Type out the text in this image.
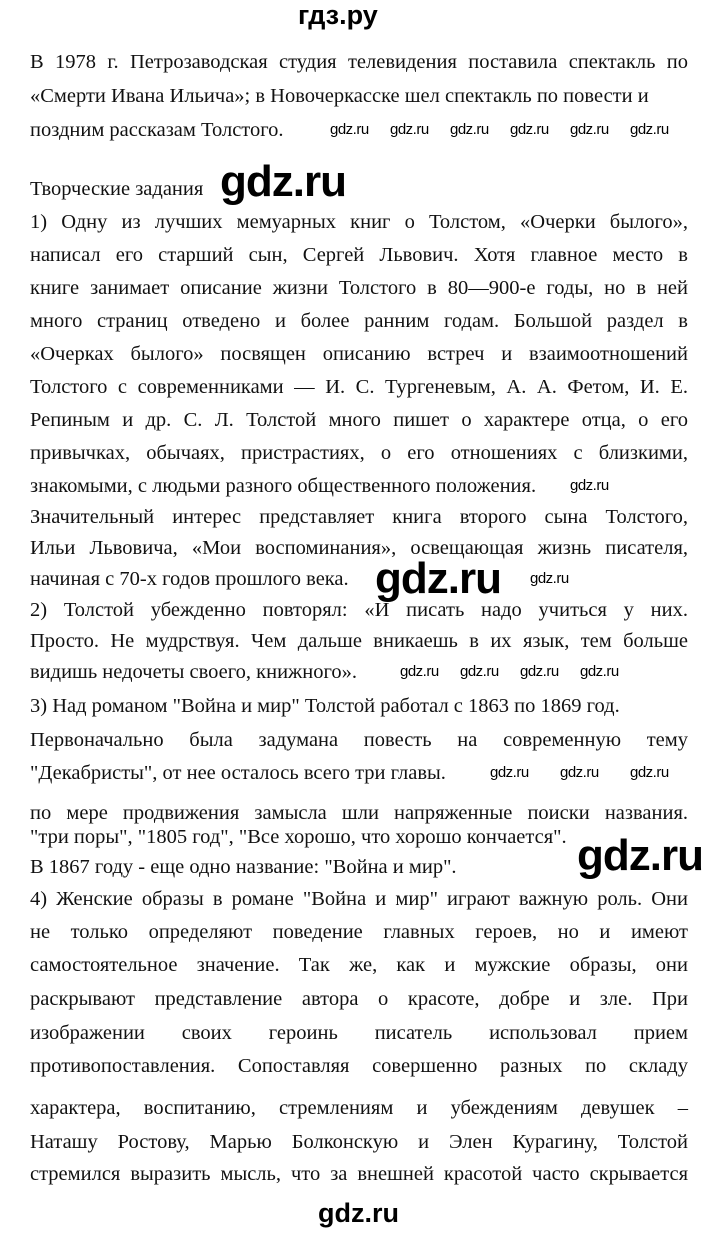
гдз.ру
В 1978 г. Петрозаводская студия телевидения поставила спектакль по
«Смерти Ивана Ильича»; в Новочеркасске шел спектакль по повести и
поздним рассказам Толстого.
Творческие задания
1) Одну из лучших мемуарных книг о Толстом, «Очерки былого»,
написал его старший сын, Сергей Львович. Хотя главное место в
книге занимает описание жизни Толстого в 80—900-е годы, но в ней
много страниц отведено и более ранним годам. Большой раздел в
«Очерках былого» посвящен описанию встреч и взаимоотношений
Толстого с современниками — И. С. Тургеневым, А. А. Фетом, И. Е.
Репиным и др. С. Л. Толстой много пишет о характере отца, о его
привычках, обычаях, пристрастиях, о его отношениях с близкими,
знакомыми, с людьми разного общественного положения.
Значительный интерес представляет книга второго сына Толстого,
Ильи Львовича, «Мои воспоминания», освещающая жизнь писателя,
начиная с 70-х годов прошлого века.
2) Толстой убежденно повторял: «И писать надо учиться у них.
Просто. Не мудрствуя. Чем дальше вникаешь в их язык, тем больше
видишь недочеты своего, книжного».
3) Над романом "Война и мир" Толстой работал с 1863 по 1869 год.
Первоначально была задумана повесть на современную тему
"Декабристы", от нее осталось всего три главы.
по мере продвижения замысла шли напряженные поиски названия.
"три поры", "1805 год", "Все хорошо, что хорошо кончается".
В 1867 году - еще одно название: "Война и мир".
4) Женские образы в романе "Война и мир" играют важную роль. Они
не только определяют поведение главных героев, но и имеют
самостоятельное значение. Так же, как и мужские образы, они
раскрывают представление автора о красоте, добре и зле. При
изображении своих героинь писатель использовал прием
противопоставления. Сопоставляя совершенно разных по складу
характера, воспитанию, стремлениям и убеждениям девушек –
Наташу Ростову, Марью Болконскую и Элен Курагину, Толстой
стремился выразить мысль, что за внешней красотой часто скрывается
gdz.ru
gdz.ru
gdz.ru
gdz.ru
gdz.ru
gdz.ru
gdz.ru
gdz.ru gdz.ru gdz.ru
gdz.ru gdz.ru gdz.ru
gdz.ru gdz.ru gdz.ru gdz.ru gdz.ru gdz.ru
